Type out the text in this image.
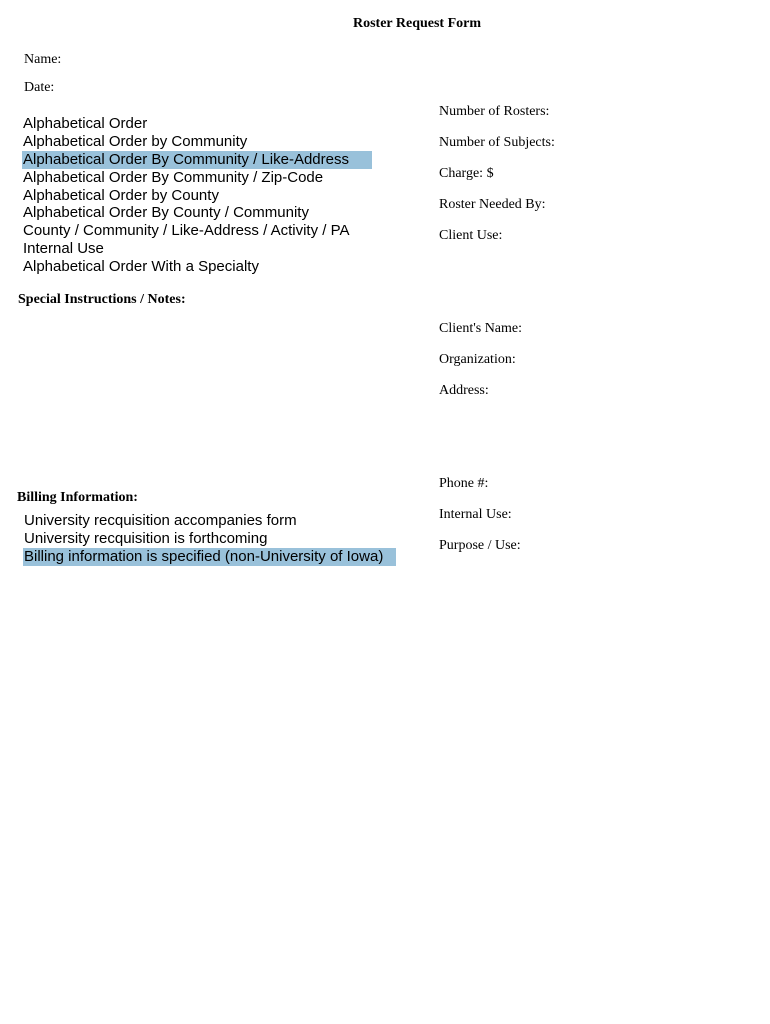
Roster Request Form
Name:
Date:
Alphabetical Order
Alphabetical Order by Community
Alphabetical Order By Community / Like-Address
Alphabetical Order By Community / Zip-Code
Alphabetical Order by County
Alphabetical Order By County / Community
County / Community / Like-Address / Activity / PA
Internal Use
Alphabetical Order With a Specialty
Special Instructions / Notes:
Billing Information:
University recquisition accompanies form
University recquisition is forthcoming
Billing information is specified (non-University of Iowa)
Number of Rosters:
Number of Subjects:
Charge: $
Roster Needed By:
Client Use:
Client's Name:
Organization:
Address:
Phone #:
Internal Use:
Purpose / Use:
